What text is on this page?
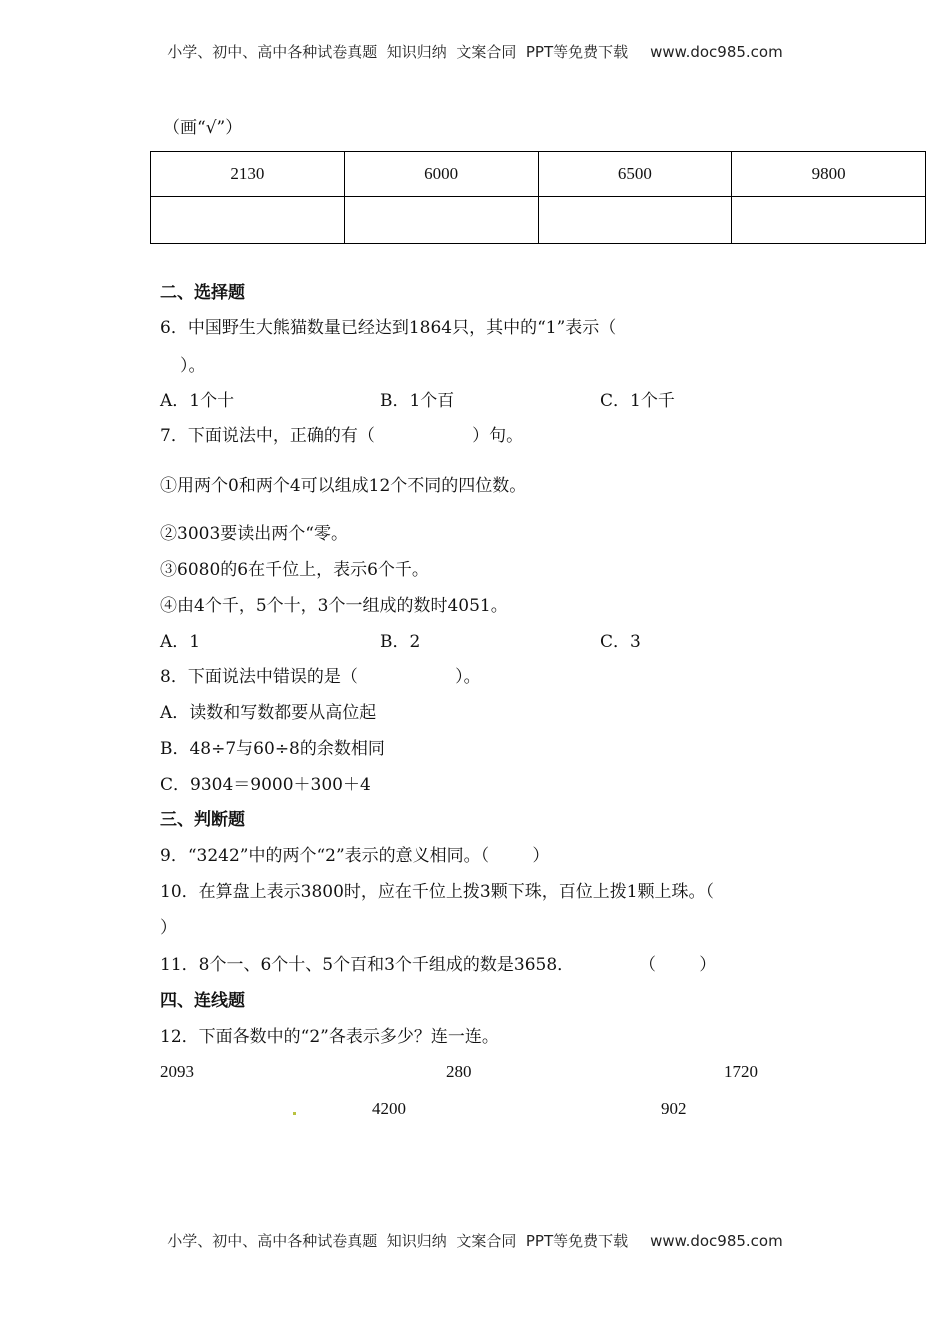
小学、初中、高中各种试卷真题  知识归纳  文案合同  PPT等免费下载 www.doc985.com
（画“√”）
2130	6000	6500	9800

二、选择题
6．中国野生大熊猫数量已经达到1864只，其中的“1”表示（
）。
A．1个十	B．1个百	C．1个千
7．下面说法中，正确的有（                  ）句。
①用两个0和两个4可以组成12个不同的四位数。
②3003要读出两个“零。
③6080的6在千位上，表示6个千。
④由4个千，5个十，3个一组成的数时4051。
A．1	B．2	C．3
8．下面说法中错误的是（                  ）。
A．读数和写数都要从高位起
B．48÷7与60÷8的余数相同
C．9304＝9000＋300＋4
三、判断题
9．“3242”中的两个“2”表示的意义相同。（        ）
10．在算盘上表示3800时，应在千位上拨3颗下珠，百位上拨1颗上珠。（
）
11．8个一、6个十、5个百和3个千组成的数是3658．            （        ）
四、连线题
12．下面各数中的“2”各表示多少？连一连。
2093	280	1720
4200	902
小学、初中、高中各种试卷真题  知识归纳  文案合同  PPT等免费下载 www.doc985.com
